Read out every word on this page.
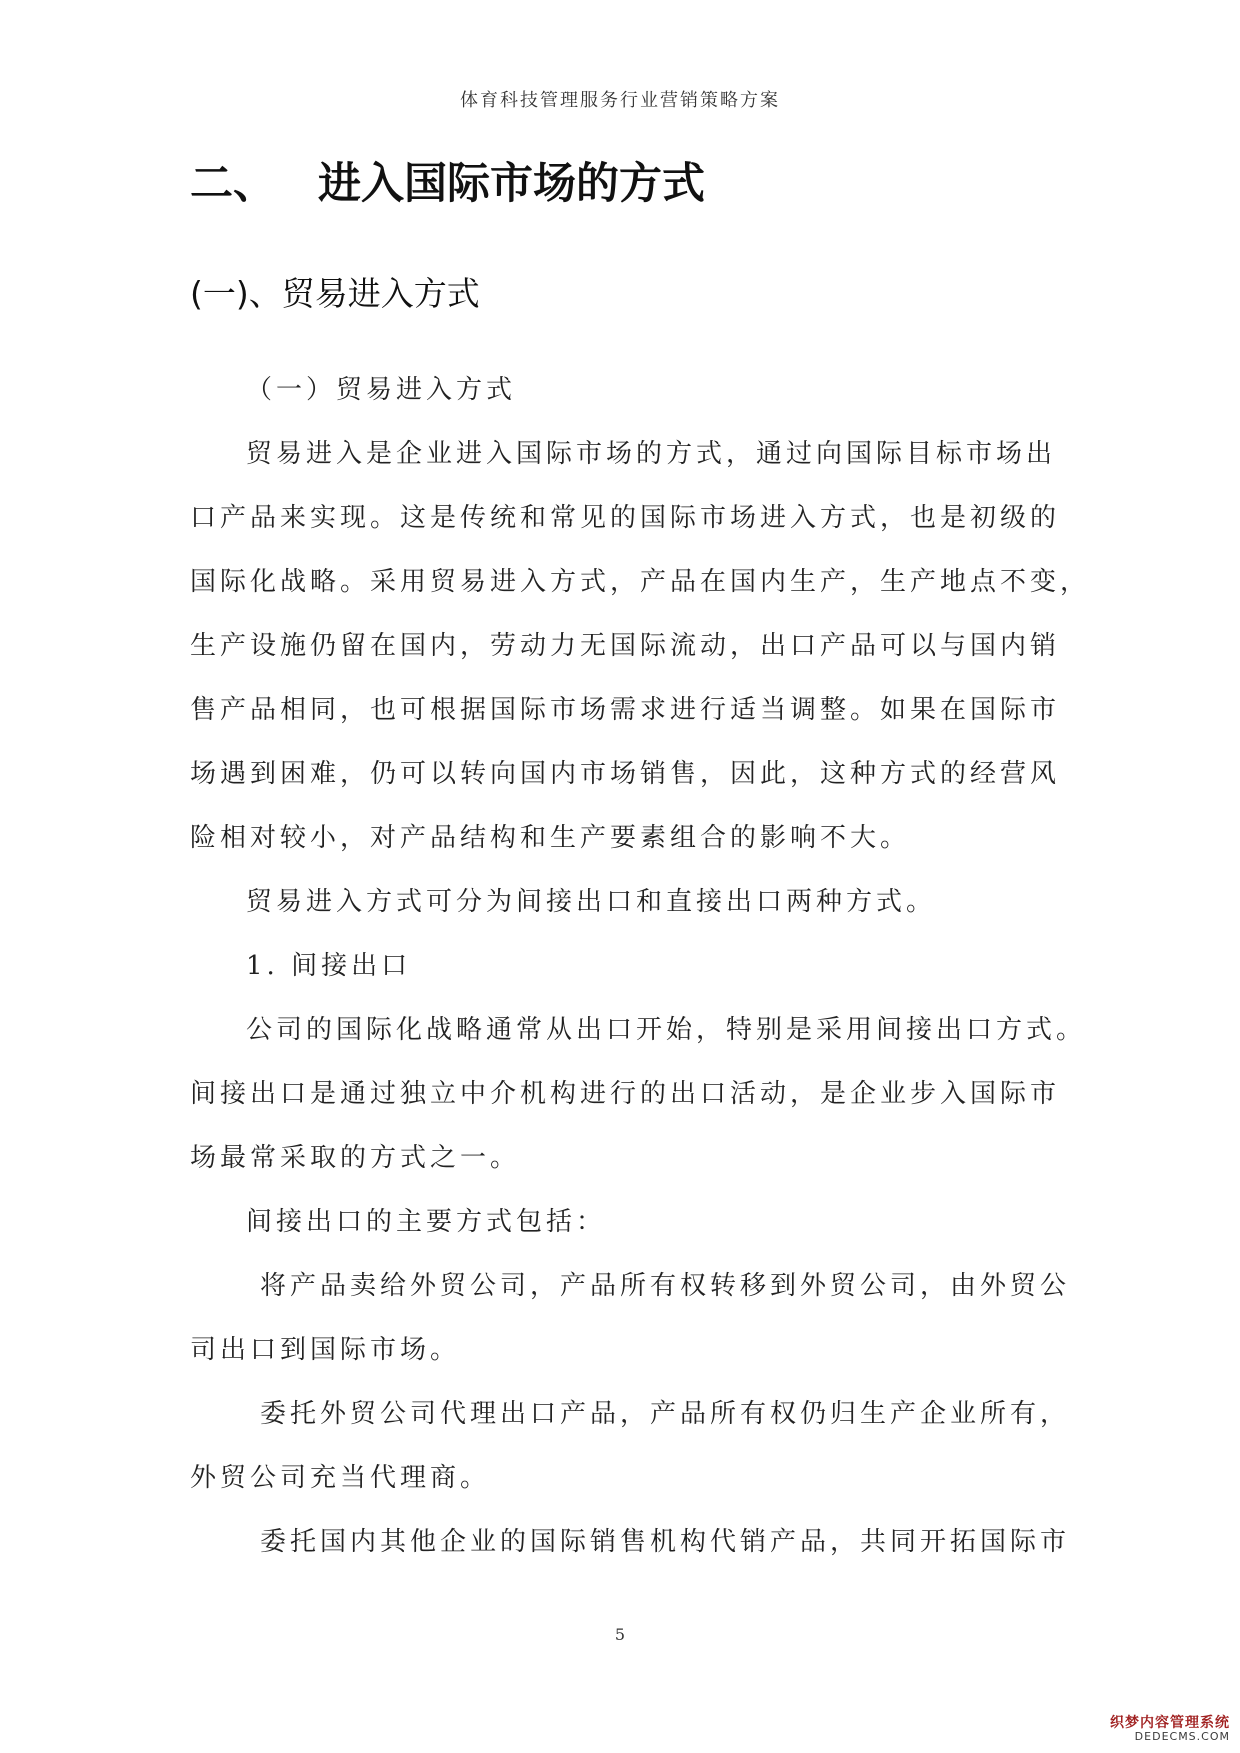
体育科技管理服务行业营销策略方案
二、 进入国际市场的方式
(一)、贸易进入方式

（一）贸易进入方式

贸易进入是企业进入国际市场的方式，通过向国际目标市场出

口产品来实现。这是传统和常见的国际市场进入方式，也是初级的

国际化战略。采用贸易进入方式，产品在国内生产，生产地点不变，

生产设施仍留在国内，劳动力无国际流动，出口产品可以与国内销

售产品相同，也可根据国际市场需求进行适当调整。如果在国际市

场遇到困难，仍可以转向国内市场销售，因此，这种方式的经营风

险相对较小，对产品结构和生产要素组合的影响不大。

贸易进入方式可分为间接出口和直接出口两种方式。

1. 间接出口

公司的国际化战略通常从出口开始，特别是采用间接出口方式。

间接出口是通过独立中介机构进行的出口活动，是企业步入国际市

场最常采取的方式之一。

间接出口的主要方式包括：

将产品卖给外贸公司，产品所有权转移到外贸公司，由外贸公

司出口到国际市场。

委托外贸公司代理出口产品，产品所有权仍归生产企业所有，

外贸公司充当代理商。

委托国内其他企业的国际销售机构代销产品，共同开拓国际市

5
织梦内容管理系统
DEDECMS.COM
